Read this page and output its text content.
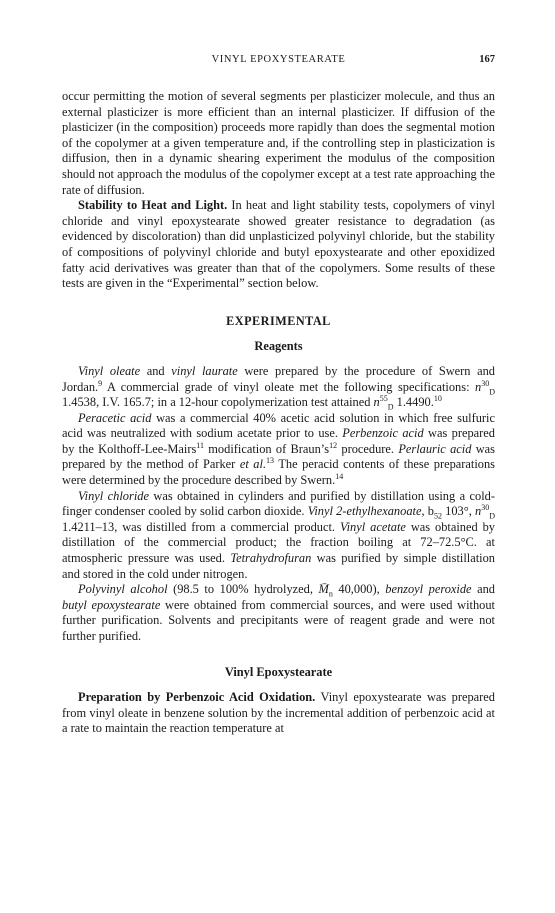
VINYL EPOXYSTEARATE	167

occur permitting the motion of several segments per plasticizer molecule, and thus an external plasticizer is more efficient than an internal plasticizer. If diffusion of the plasticizer (in the composition) proceeds more rapidly than does the segmental motion of the copolymer at a given temperature and, if the controlling step in plasticization is diffusion, then in a dynamic shearing experiment the modulus of the composition should not approach the modulus of the copolymer except at a test rate approaching the rate of diffusion.

Stability to Heat and Light. In heat and light stability tests, copolymers of vinyl chloride and vinyl epoxystearate showed greater resistance to degradation (as evidenced by discoloration) than did unplasticized polyvinyl chloride, but the stability of compositions of polyvinyl chloride and butyl epoxystearate and other epoxidized fatty acid derivatives was greater than that of the copolymers. Some results of these tests are given in the “Experimental” section below.

EXPERIMENTAL
Reagents

Vinyl oleate and vinyl laurate were prepared by the procedure of Swern and Jordan.$^9$ A commercial grade of vinyl oleate met the following specifications: $n^{30}_D$ 1.4538, I.V. 165.7; in a 12-hour copolymerization test attained $n^{55}_D$ 1.4490.10

Peracetic acid was a commercial 40% acetic acid solution in which free sulfuric acid was neutralized with sodium acetate prior to use. Perbenzoic acid was prepared by the Kolthoff-Lee-Mairs$^{11}$ modification of $Braun’s^{12}$ procedure. Perlauric acid was prepared by the method of Parker et al.$^{13}$ The peracid contents of these preparations were determined by the procedure described by Swern.$^{14}$

Vinyl chloride was obtained in cylinders and purified by distillation using a cold-finger condenser cooled by solid carbon dioxide. Vinyl 2-ethylhexanoate, $b_{52}$ 103°, $n^{30}_D$ 1.4211–13, was distilled from a commercial product. Vinyl acetate was obtained by distillation of the commercial product; the fraction boiling at 72–72.5°C. at atmospheric pressure was used. Tetrahydrofuran was purified by simple distillation and stored in the cold under nitrogen.

Polyvinyl alcohol (98.5 to 100% hydrolyzed, $M̄_n$ 40,000), benzoyl peroxide and butyl epoxystearate were obtained from commercial sources, and were used without further purification. Solvents and precipitants were of reagent grade and were not further purified.

Vinyl Epoxystearate

Preparation by Perbenzoic Acid Oxidation. Vinyl epoxystearate was prepared from vinyl oleate in benzene solution by the incremental addition of perbenzoic acid at a rate to maintain the reaction temperature at
